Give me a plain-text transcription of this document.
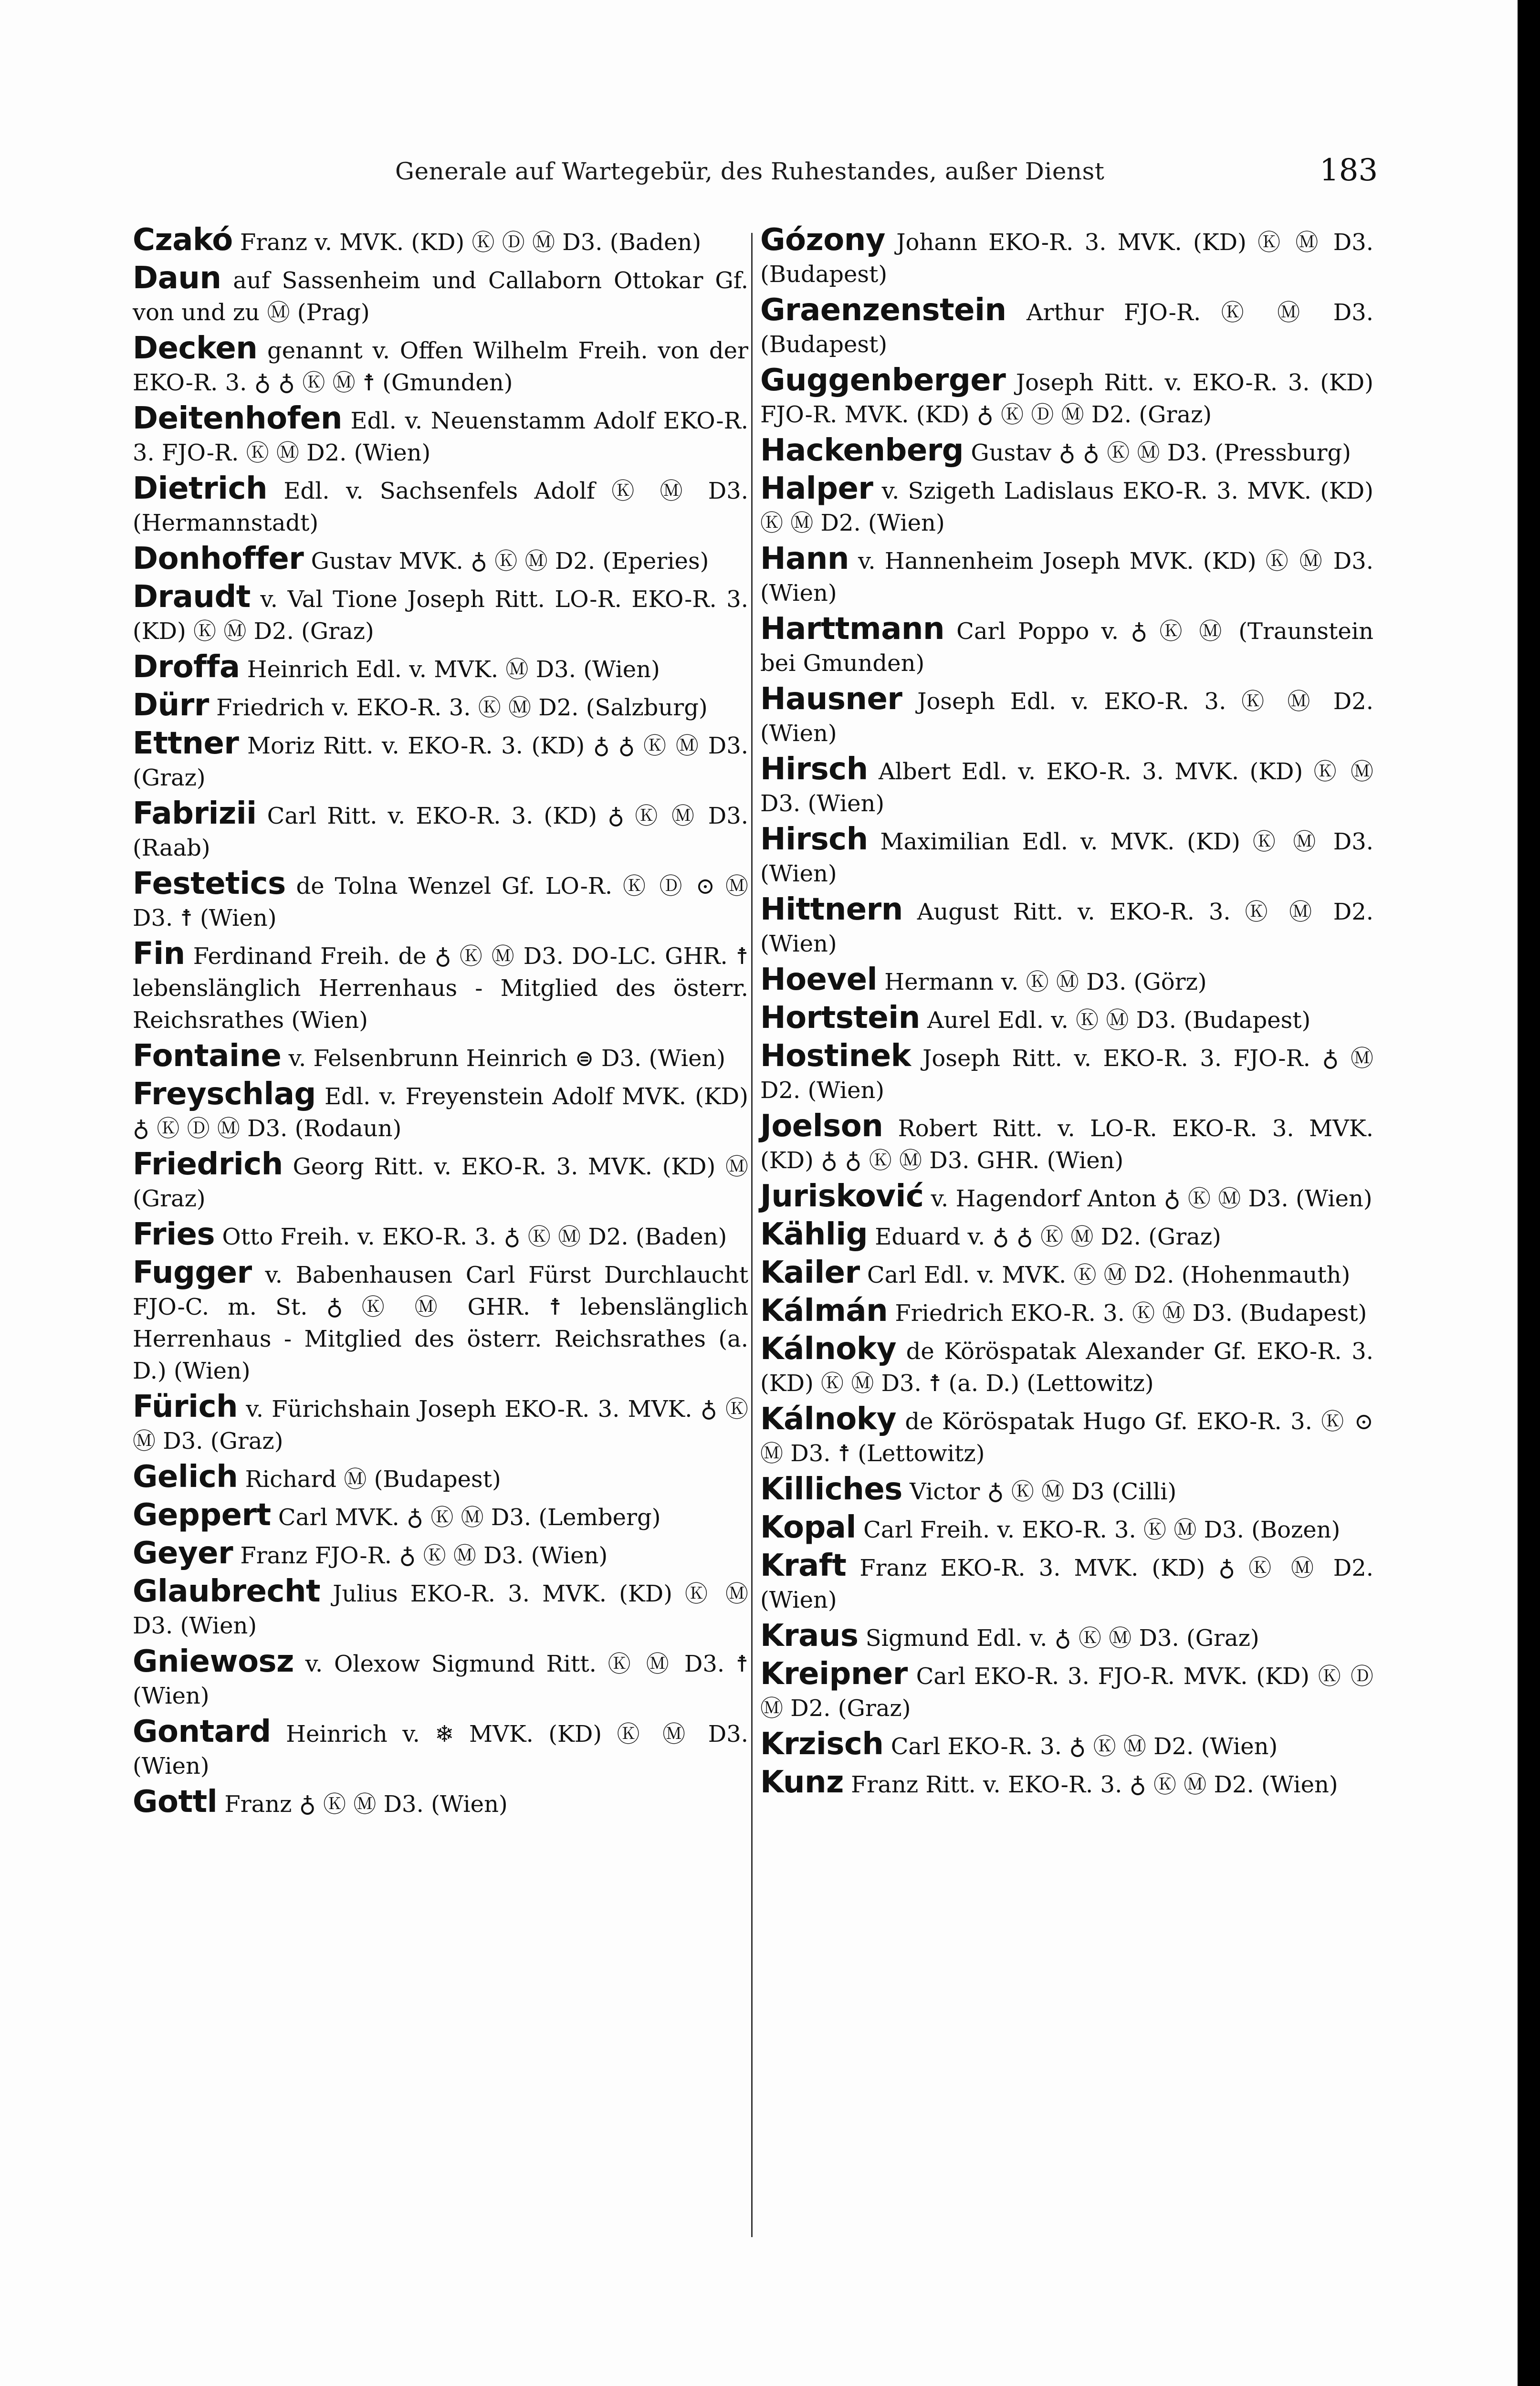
Generale auf Wartegebür, des Ruhestandes, außer Dienst	183
Czakó Franz v. MVK. (KD) Ⓚ Ⓓ Ⓜ D3. (Baden)
Daun auf Sassenheim und Callaborn Ottokar Gf. von und zu Ⓜ (Prag)
Decken genannt v. Offen Wilhelm Freih. von der EKO-R. 3. ♁ ♁ Ⓚ Ⓜ ☨ (Gmunden)
Deitenhofen Edl. v. Neuenstamm Adolf EKO-R. 3. FJO-R. Ⓚ Ⓜ D2. (Wien)
Dietrich Edl. v. Sachsenfels Adolf Ⓚ Ⓜ D3. (Hermannstadt)
Donhoffer Gustav MVK. ♁ Ⓚ Ⓜ D2. (Eperies)
Draudt v. Val Tione Joseph Ritt. LO-R. EKO-R. 3. (KD) Ⓚ Ⓜ D2. (Graz)
Droffa Heinrich Edl. v. MVK. Ⓜ D3. (Wien)
Dürr Friedrich v. EKO-R. 3. Ⓚ Ⓜ D2. (Salzburg)
Ettner Moriz Ritt. v. EKO-R. 3. (KD) ♁ ♁ Ⓚ Ⓜ D3. (Graz)
Fabrizii Carl Ritt. v. EKO-R. 3. (KD) ♁ Ⓚ Ⓜ D3. (Raab)
Festetics de Tolna Wenzel Gf. LO-R. Ⓚ Ⓓ ⊙ Ⓜ D3. ☨ (Wien)
Fin Ferdinand Freih. de ♁ Ⓚ Ⓜ D3. DO-LC. GHR. ☨ lebenslänglich Herrenhaus - Mitglied des österr. Reichsrathes (Wien)
Fontaine v. Felsenbrunn Heinrich ⊜ D3. (Wien)
Freyschlag Edl. v. Freyenstein Adolf MVK. (KD) ♁ Ⓚ Ⓓ Ⓜ D3. (Rodaun)
Friedrich Georg Ritt. v. EKO-R. 3. MVK. (KD) Ⓜ (Graz)
Fries Otto Freih. v. EKO-R. 3. ♁ Ⓚ Ⓜ D2. (Baden)
Fugger v. Babenhausen Carl Fürst Durchlaucht FJO-C. m. St. ♁ Ⓚ Ⓜ GHR. ☨ lebenslänglich Herrenhaus - Mitglied des österr. Reichsrathes (a. D.) (Wien)
Fürich v. Fürichshain Joseph EKO-R. 3. MVK. ♁ Ⓚ Ⓜ D3. (Graz)
Gelich Richard Ⓜ (Budapest)
Geppert Carl MVK. ♁ Ⓚ Ⓜ D3. (Lemberg)
Geyer Franz FJO-R. ♁ Ⓚ Ⓜ D3. (Wien)
Glaubrecht Julius EKO-R. 3. MVK. (KD) Ⓚ Ⓜ D3. (Wien)
Gniewosz v. Olexow Sigmund Ritt. Ⓚ Ⓜ D3. ☨ (Wien)
Gontard Heinrich v. ❄ MVK. (KD) Ⓚ Ⓜ D3. (Wien)
Gottl Franz ♁ Ⓚ Ⓜ D3. (Wien)
Gózony Johann EKO-R. 3. MVK. (KD) Ⓚ Ⓜ D3. (Budapest)
Graenzenstein Arthur FJO-R. Ⓚ Ⓜ D3. (Budapest)
Guggenberger Joseph Ritt. v. EKO-R. 3. (KD) FJO-R. MVK. (KD) ♁ Ⓚ Ⓓ Ⓜ D2. (Graz)
Hackenberg Gustav ♁ ♁ Ⓚ Ⓜ D3. (Pressburg)
Halper v. Szigeth Ladislaus EKO-R. 3. MVK. (KD) Ⓚ Ⓜ D2. (Wien)
Hann v. Hannenheim Joseph MVK. (KD) Ⓚ Ⓜ D3. (Wien)
Harttmann Carl Poppo v. ♁ Ⓚ Ⓜ (Traunstein bei Gmunden)
Hausner Joseph Edl. v. EKO-R. 3. Ⓚ Ⓜ D2. (Wien)
Hirsch Albert Edl. v. EKO-R. 3. MVK. (KD) Ⓚ Ⓜ D3. (Wien)
Hirsch Maximilian Edl. v. MVK. (KD) Ⓚ Ⓜ D3. (Wien)
Hittnern August Ritt. v. EKO-R. 3. Ⓚ Ⓜ D2. (Wien)
Hoevel Hermann v. Ⓚ Ⓜ D3. (Görz)
Hortstein Aurel Edl. v. Ⓚ Ⓜ D3. (Budapest)
Hostinek Joseph Ritt. v. EKO-R. 3. FJO-R. ♁ Ⓜ D2. (Wien)
Joelson Robert Ritt. v. LO-R. EKO-R. 3. MVK. (KD) ♁ ♁ Ⓚ Ⓜ D3. GHR. (Wien)
Jurisković v. Hagendorf Anton ♁ Ⓚ Ⓜ D3. (Wien)
Kählig Eduard v. ♁ ♁ Ⓚ Ⓜ D2. (Graz)
Kailer Carl Edl. v. MVK. Ⓚ Ⓜ D2. (Hohenmauth)
Kálmán Friedrich EKO-R. 3. Ⓚ Ⓜ D3. (Budapest)
Kálnoky de Köröspatak Alexander Gf. EKO-R. 3. (KD) Ⓚ Ⓜ D3. ☨ (a. D.) (Lettowitz)
Kálnoky de Köröspatak Hugo Gf. EKO-R. 3. Ⓚ ⊙ Ⓜ D3. ☨ (Lettowitz)
Killiches Victor ♁ Ⓚ Ⓜ D3 (Cilli)
Kopal Carl Freih. v. EKO-R. 3. Ⓚ Ⓜ D3. (Bozen)
Kraft Franz EKO-R. 3. MVK. (KD) ♁ Ⓚ Ⓜ D2. (Wien)
Kraus Sigmund Edl. v. ♁ Ⓚ Ⓜ D3. (Graz)
Kreipner Carl EKO-R. 3. FJO-R. MVK. (KD) Ⓚ Ⓓ Ⓜ D2. (Graz)
Krzisch Carl EKO-R. 3. ♁ Ⓚ Ⓜ D2. (Wien)
Kunz Franz Ritt. v. EKO-R. 3. ♁ Ⓚ Ⓜ D2. (Wien)
